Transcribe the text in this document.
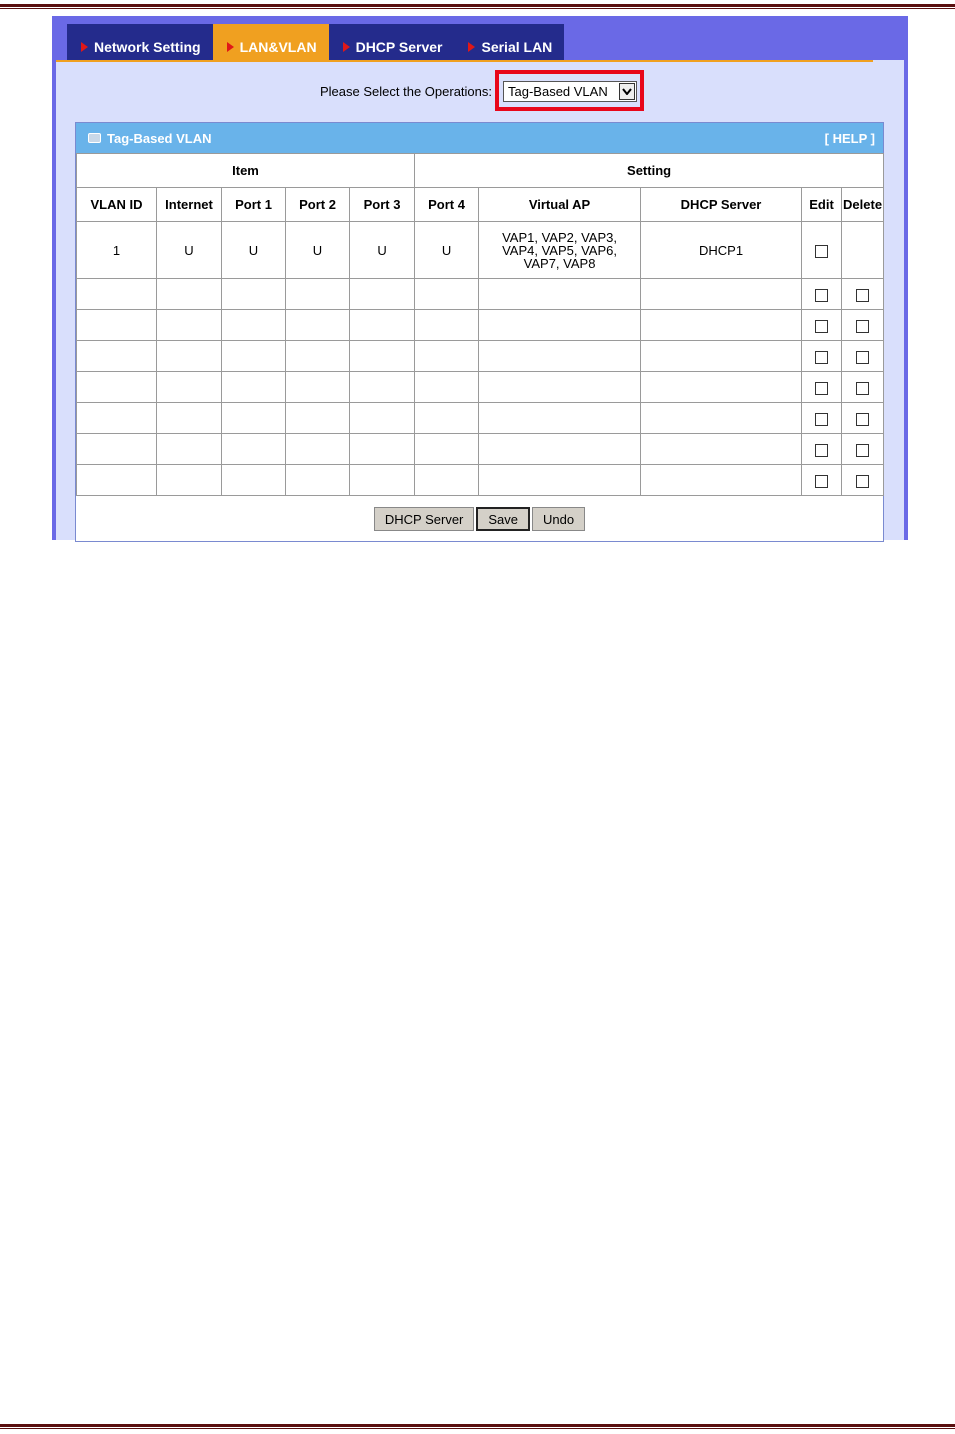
Network Setting	LAN&VLAN	DHCP Server	Serial LAN
Please Select the Operations:	Tag-Based VLAN
Tag-Based VLAN	[ HELP ]
Item					Setting				
VLAN ID	Internet	Port 1	Port 2	Port 3	Port 4	Virtual AP	DHCP Server	Edit	Delete
1	U	U	U	U	U	VAP1, VAP2, VAP3, VAP4, VAP5, VAP6, VAP7, VAP8	DHCP1		

DHCP Server	Save	Undo
